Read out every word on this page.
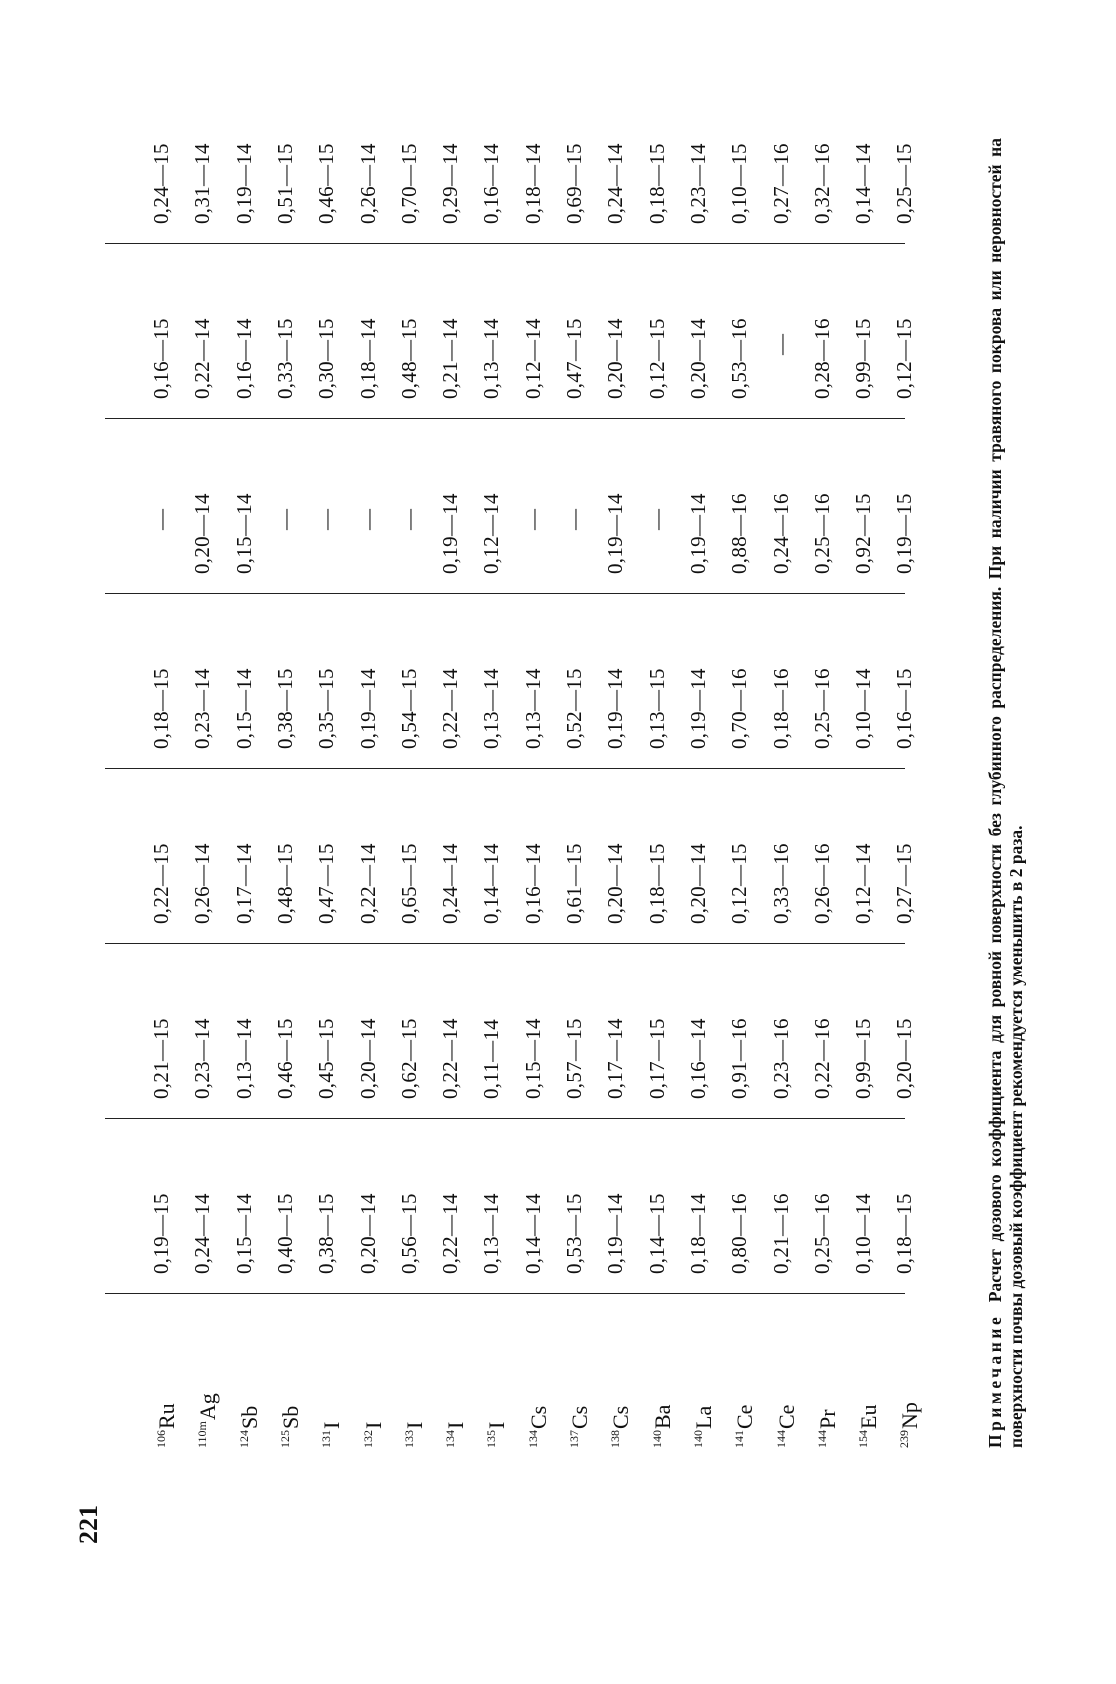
221
$^{106}$Ru
0,19—15
0,21—15
0,22—15
0,18—15
—
0,16—15
0,24—15
$^{110m}$Ag
0,24—14
0,23—14
0,26—14
0,23—14
0,20—14
0,22—14
0,31—14
$^{124}$Sb
0,15—14
0,13—14
0,17—14
0,15—14
0,15—14
0,16—14
0,19—14
$^{125}$Sb
0,40—15
0,46—15
0,48—15
0,38—15
—
0,33—15
0,51—15
$^{131}$I
0,38—15
0,45—15
0,47—15
0,35—15
—
0,30—15
0,46—15
$^{132}$I
0,20—14
0,20—14
0,22—14
0,19—14
—
0,18—14
0,26—14
$^{133}$I
0,56—15
0,62—15
0,65—15
0,54—15
—
0,48—15
0,70—15
$^{134}$I
0,22—14
0,22—14
0,24—14
0,22—14
0,19—14
0,21—14
0,29—14
$^{135}$I
0,13—14
0,11—14
0,14—14
0,13—14
0,12—14
0,13—14
0,16—14
$^{134}$Cs
0,14—14
0,15—14
0,16—14
0,13—14
—
0,12—14
0,18—14
$^{137}$Cs
0,53—15
0,57—15
0,61—15
0,52—15
—
0,47—15
0,69—15
$^{138}$Cs
0,19—14
0,17—14
0,20—14
0,19—14
0,19—14
0,20—14
0,24—14
$^{140}$Ba
0,14—15
0,17—15
0,18—15
0,13—15
—
0,12—15
0,18—15
$^{140}$La
0,18—14
0,16—14
0,20—14
0,19—14
0,19—14
0,20—14
0,23—14
$^{141}$Ce
0,80—16
0,91—16
0,12—15
0,70—16
0,88—16
0,53—16
0,10—15
$^{144}$Ce
0,21—16
0,23—16
0,33—16
0,18—16
0,24—16
—
0,27—16
$^{144}$Pr
0,25—16
0,22—16
0,26—16
0,25—16
0,25—16
0,28—16
0,32—16
$^{154}$Eu
0,10—14
0,99—15
0,12—14
0,10—14
0,92—15
0,99—15
0,14—14
$^{239}$Np
0,18—15
0,20—15
0,27—15
0,16—15
0,19—15
0,12—15
0,25—15
Примечание Расчет дозового коэффициента для ровной поверхности без глубинного распределения. При наличии травяного покрова или неровностей на поверхности почвы дозовый коэффициент рекомендуется уменьшить в 2 раза.
